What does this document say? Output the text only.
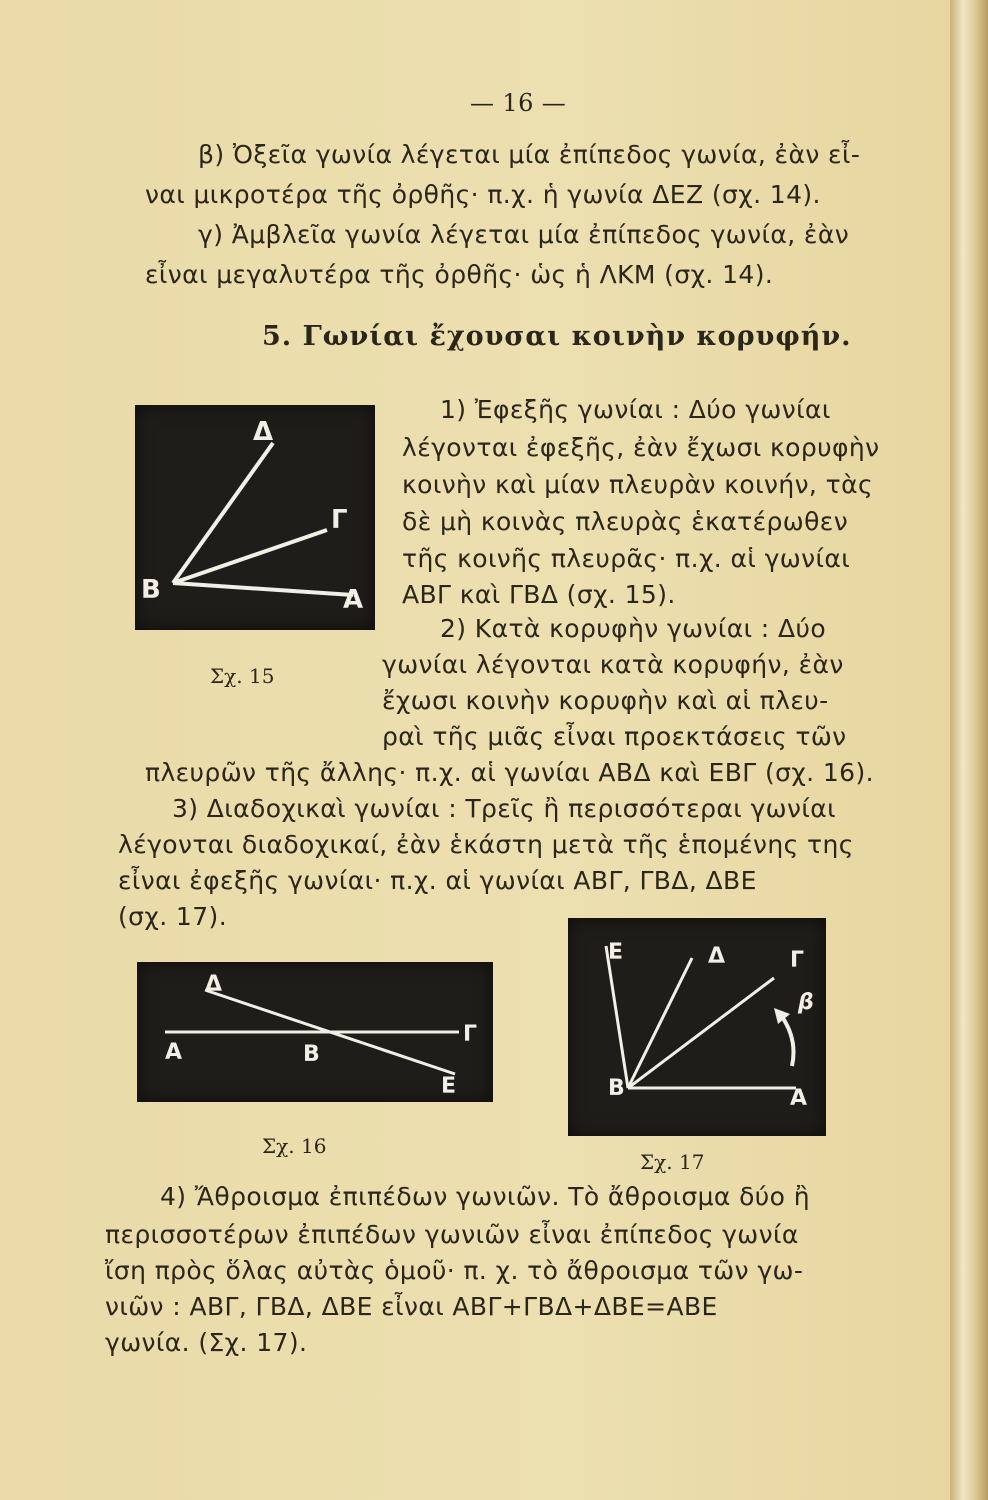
— 16 —
β) Ὀξεῖα γωνία λέγεται μία ἐπίπεδος γωνία, ἐὰν εἶ-
ναι μικροτέρα τῆς ὀρθῆς· π.χ. ἡ γωνία ΔΕΖ (σχ. 14).
γ) Ἀμβλεῖα γωνία λέγεται μία ἐπίπεδος γωνία, ἐὰν
εἶναι μεγαλυτέρα τῆς ὀρθῆς· ὡς ἡ ΛΚΜ (σχ. 14).
5. Γωνίαι ἔχουσαι κοινὴν κορυφήν.
1) Ἐφεξῆς γωνίαι : Δύο γωνίαι
λέγονται ἐφεξῆς, ἐὰν ἔχωσι κορυφὴν
κοινὴν καὶ μίαν πλευρὰν κοινήν, τὰς
δὲ μὴ κοινὰς πλευρὰς ἑκατέρωθεν
τῆς κοινῆς πλευρᾶς· π.χ. αἱ γωνίαι
ΑΒΓ καὶ ΓΒΔ (σχ. 15).
2) Κατὰ κορυφὴν γωνίαι : Δύο
γωνίαι λέγονται κατὰ κορυφήν, ἐὰν
ἔχωσι κοινὴν κορυφὴν καὶ αἱ πλευ-
ραὶ τῆς μιᾶς εἶναι προεκτάσεις τῶν
πλευρῶν τῆς ἄλλης· π.χ. αἱ γωνίαι ΑΒΔ καὶ ΕΒΓ (σχ. 16).
3) Διαδοχικαὶ γωνίαι : Τρεῖς ἢ περισσότεραι γωνίαι
λέγονται διαδοχικαί, ἐὰν ἑκάστη μετὰ τῆς ἑπομένης της
εἶναι ἐφεξῆς γωνίαι· π.χ. αἱ γωνίαι ΑΒΓ, ΓΒΔ, ΔΒΕ
(σχ. 17).
Δ
Γ
Β	Α
Σχ. 15
Δ
Α	Β
Γ
Ε
Σχ. 16
Ε	Δ	Γ
β
Β	Α
Σχ. 17
4) Ἄθροισμα ἐπιπέδων γωνιῶν. Τὸ ἄθροισμα δύο ἢ
περισσοτέρων ἐπιπέδων γωνιῶν εἶναι ἐπίπεδος γωνία
ἴση πρὸς ὅλας αὐτὰς ὁμοῦ· π. χ. τὸ ἄθροισμα τῶν γω-
νιῶν : ΑΒΓ, ΓΒΔ, ΔΒΕ εἶναι ΑΒΓ+ΓΒΔ+ΔΒΕ=ΑΒΕ
γωνία. (Σχ. 17).
